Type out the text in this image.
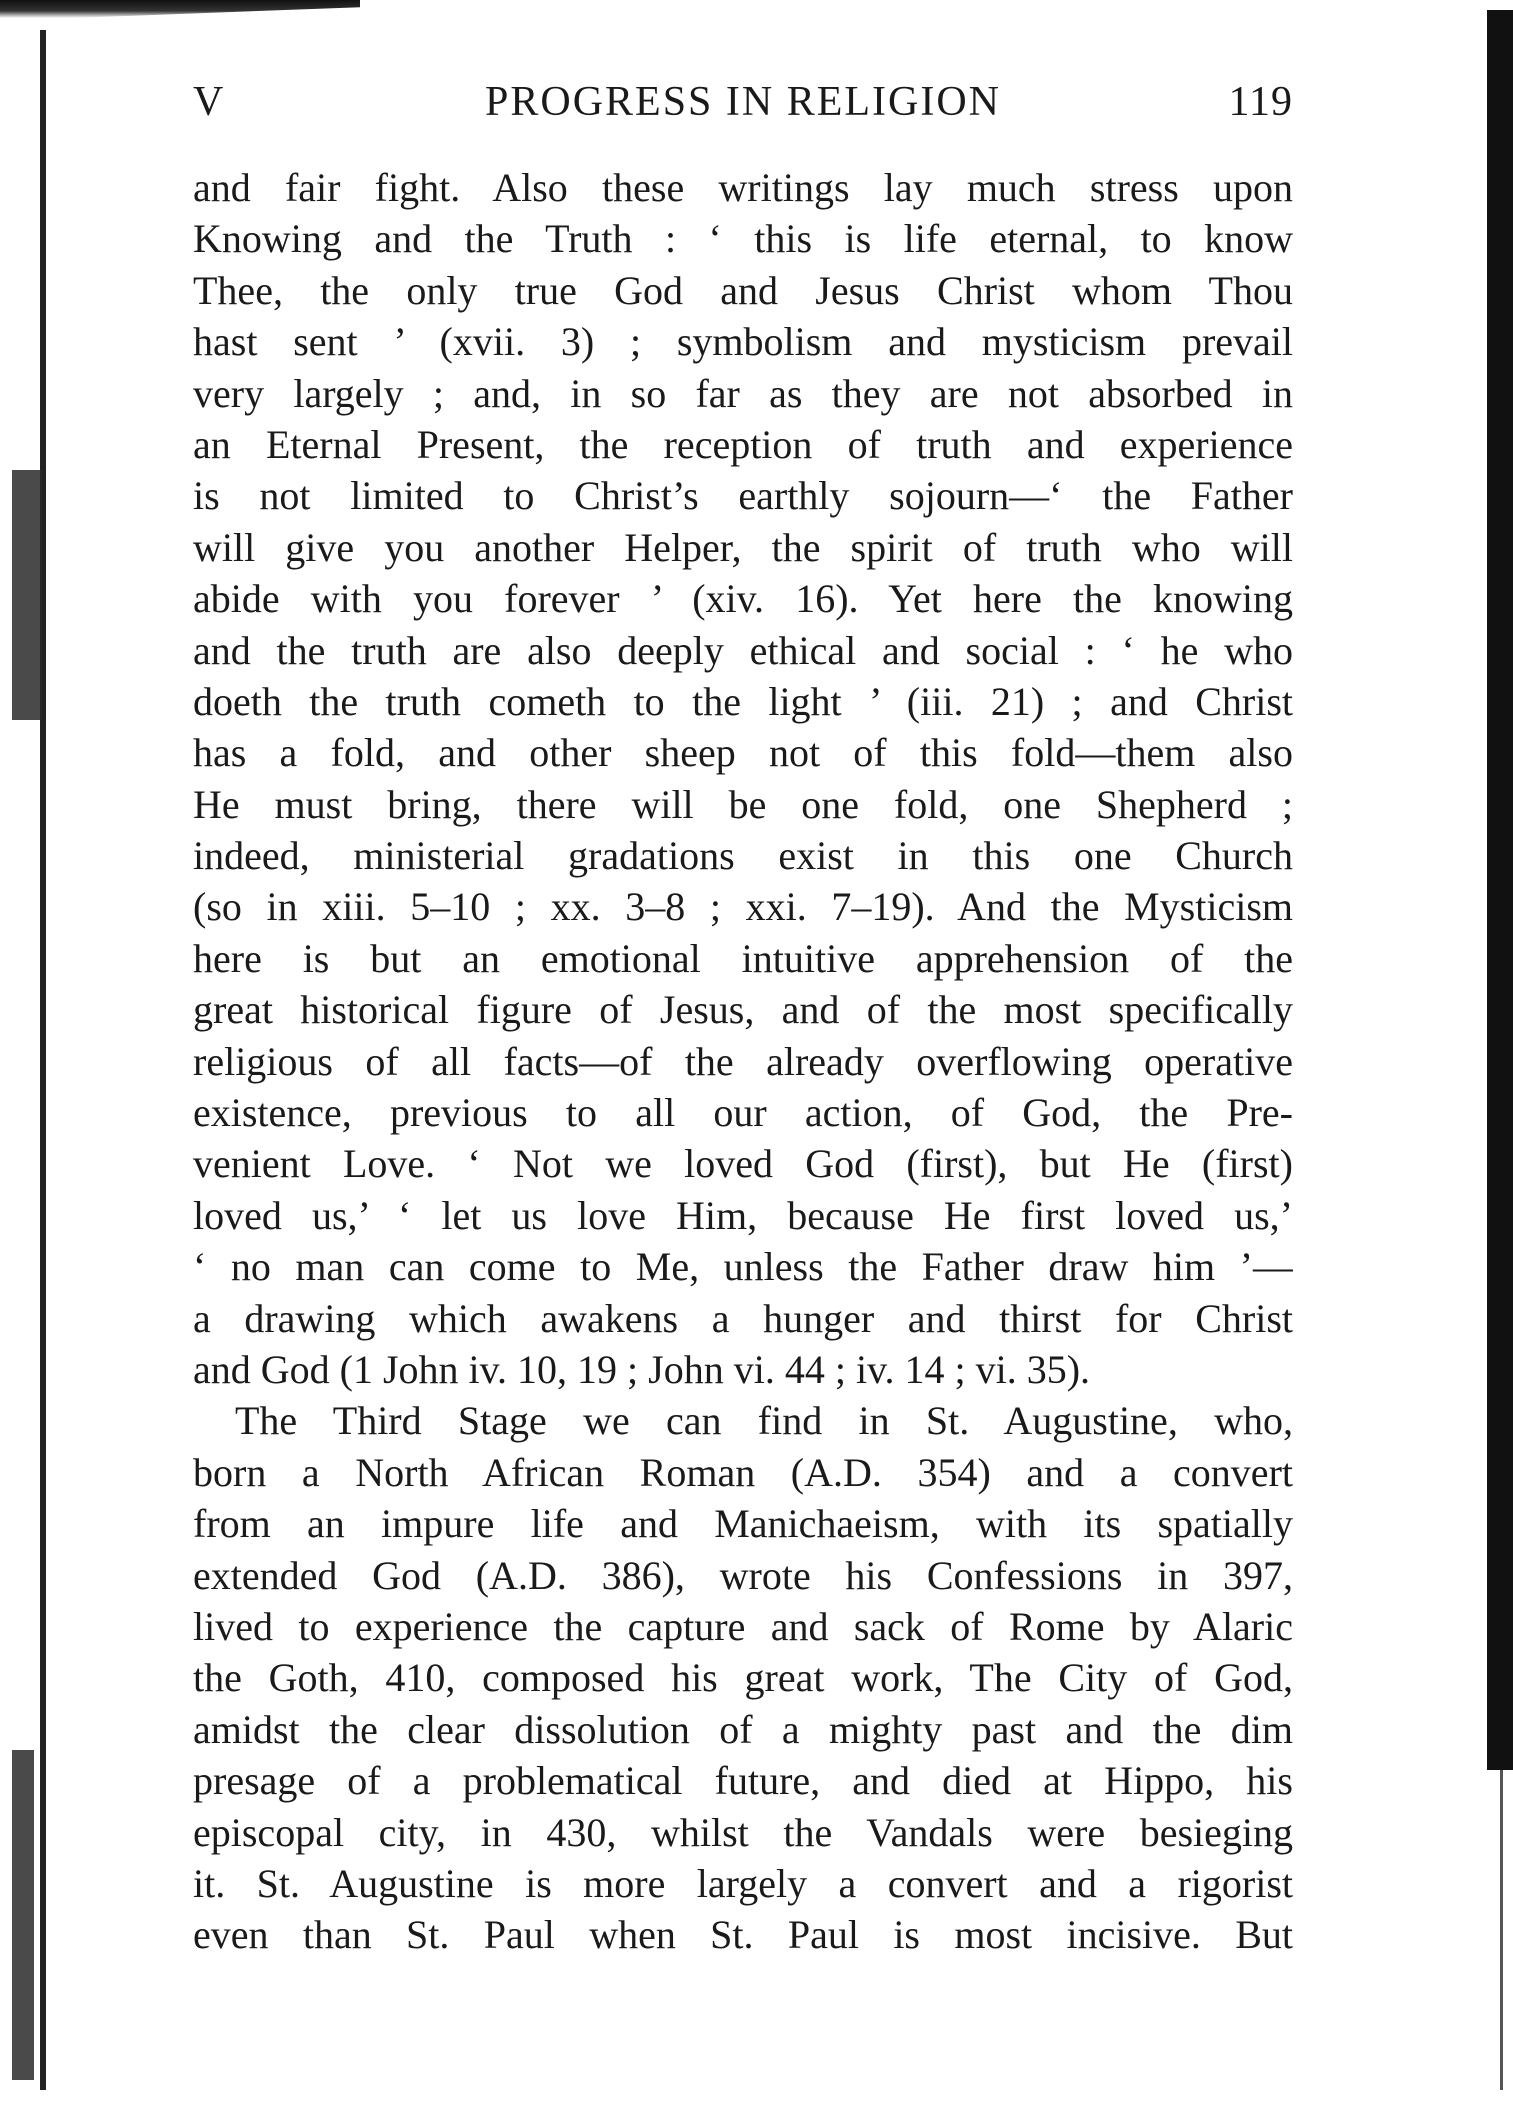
V	PROGRESS IN RELIGION	119
and fair fight. Also these writings lay much stress upon
Knowing and the Truth : ‘ this is life eternal, to know
Thee, the only true God and Jesus Christ whom Thou
hast sent ’ (xvii. 3) ; symbolism and mysticism prevail
very largely ; and, in so far as they are not absorbed in
an Eternal Present, the reception of truth and experience
is not limited to Christ’s earthly sojourn—‘ the Father
will give you another Helper, the spirit of truth who will
abide with you forever ’ (xiv. 16). Yet here the knowing
and the truth are also deeply ethical and social : ‘ he who
doeth the truth cometh to the light ’ (iii. 21) ; and Christ
has a fold, and other sheep not of this fold—them also
He must bring, there will be one fold, one Shepherd ;
indeed, ministerial gradations exist in this one Church
(so in xiii. 5–10 ; xx. 3–8 ; xxi. 7–19). And the Mysticism
here is but an emotional intuitive apprehension of the
great historical figure of Jesus, and of the most specifically
religious of all facts—of the already overflowing operative
existence, previous to all our action, of God, the Pre-
venient Love. ‘ Not we loved God (first), but He (first)
loved us,’ ‘ let us love Him, because He first loved us,’
‘ no man can come to Me, unless the Father draw him ’—
a drawing which awakens a hunger and thirst for Christ
and God (1 John iv. 10, 19 ; John vi. 44 ; iv. 14 ; vi. 35).
The Third Stage we can find in St. Augustine, who,
born a North African Roman (A.D. 354) and a convert
from an impure life and Manichaeism, with its spatially
extended God (A.D. 386), wrote his Confessions in 397,
lived to experience the capture and sack of Rome by Alaric
the Goth, 410, composed his great work, The City of God,
amidst the clear dissolution of a mighty past and the dim
presage of a problematical future, and died at Hippo, his
episcopal city, in 430, whilst the Vandals were besieging
it. St. Augustine is more largely a convert and a rigorist
even than St. Paul when St. Paul is most incisive. But
